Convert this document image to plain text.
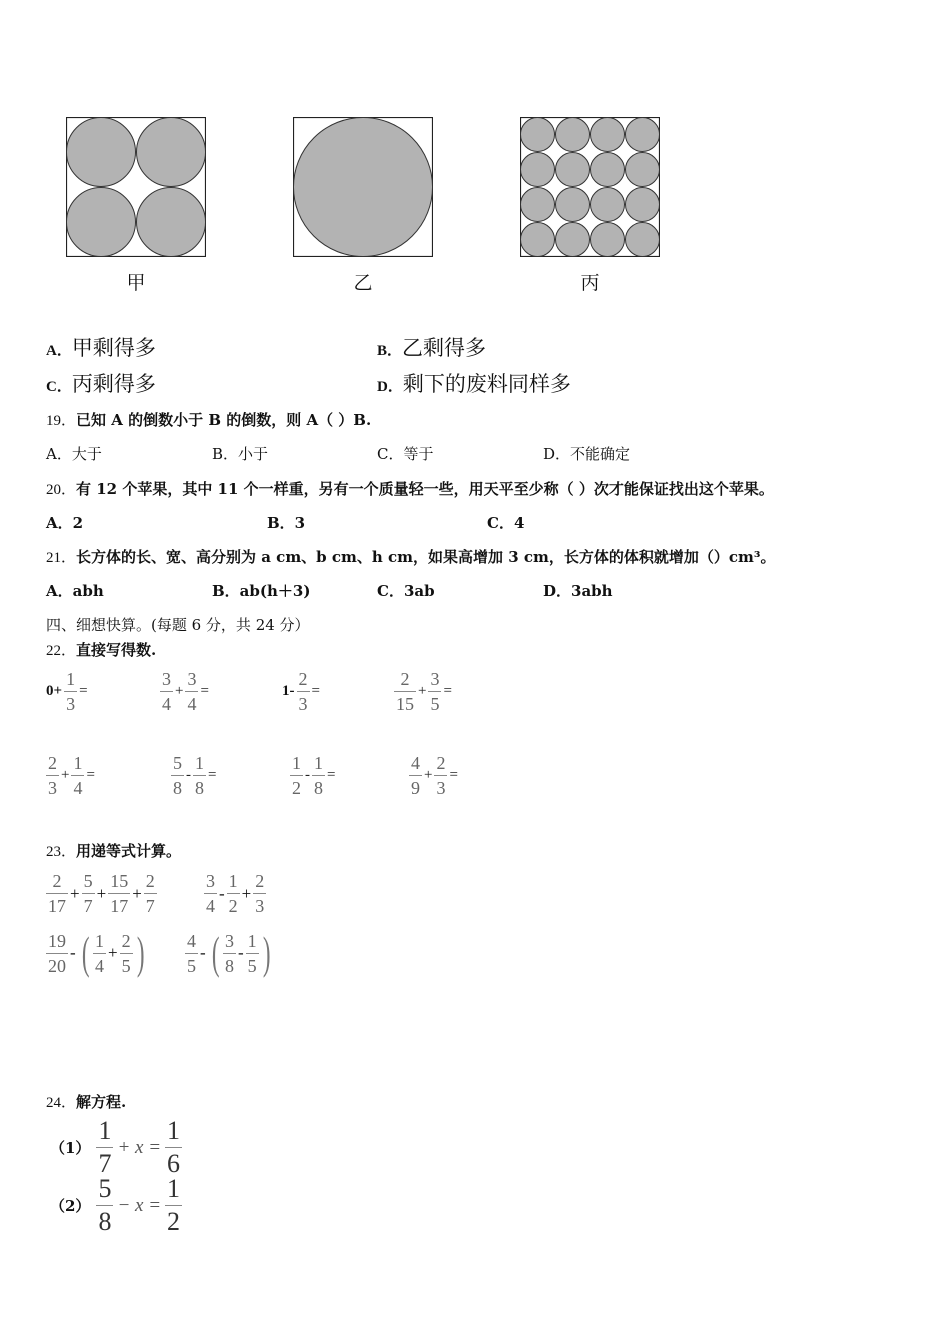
甲	乙	丙
A．甲剩得多	B．乙剩得多
C．丙剩得多	D．剩下的废料同样多
19．已知 A 的倒数小于 B 的倒数，则 A（ ）B.
A．大于	B．小于	C．等于	D．不能确定
20．有 12 个苹果，其中 11 个一样重，另有一个质量轻一些，用天平至少称（ ）次才能保证找出这个苹果。
A．2	B．3	C．4
21．长方体的长、宽、高分别为 a cm、b cm、h cm，如果高增加 3 cm，长方体的体积就增加（）cm³。
A．abh	B．ab(h＋3)	C．3ab	D．3abh
四、细想快算。(每题 6 分，共 24 分）
22．直接写得数.
$0+ \frac{1}{3}$ =	$\frac{3}{4} + \frac{3}{4}$ =	$1- \frac{2}{3}$ =	$\frac{2}{15} + \frac{3}{5}$ =
$\frac{2}{3} + \frac{1}{4}$ =	$\frac{5}{8} - \frac{1}{8}$ =	$\frac{1}{2} - \frac{1}{8}$ =	$\frac{4}{9} + \frac{2}{3}$ =
23．用递等式计算。
$\frac{2}{17} + \frac{5}{7} + \frac{15}{17} + \frac{2}{7}$	$\frac{3}{4} - \frac{1}{2} + \frac{2}{3}$
$\frac{19}{20}$ - ( $\frac{1}{4} + \frac{2}{5}$ ) $\frac{4}{5}$ - ( $\frac{3}{8} - \frac{1}{5}$ )
24．解方程.
$(1) \frac{1}{7} + x = \frac{1}{6}$
$(2) \frac{5}{8} - x = \frac{1}{2}$
